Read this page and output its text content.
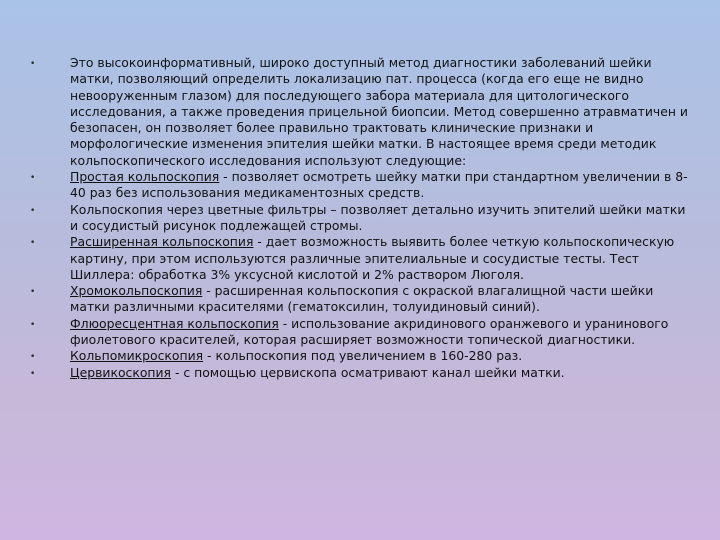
•	Это высокоинформативный, широко доступный метод диагностики заболеваний шейки матки, позволяющий определить локализацию пат. процесса (когда его еще не видно невооруженным глазом) для последующего забора материала для цитологического исследования, а также проведения прицельной биопсии. Метод совершенно атравматичен и безопасен, он позволяет более правильно трактовать клинические признаки и морфологические изменения эпителия шейки матки. В настоящее время среди методик кольпоскопического исследования используют следующие:
•	Простая кольпоскопия - позволяет осмотреть шейку матки при стандартном увеличении в 8-40 раз без использования медикаментозных средств.
•	Кольпоскопия через цветные фильтры – позволяет детально изучить эпителий шейки матки и сосудистый рисунок подлежащей стромы.
•	Расширенная кольпоскопия - дает возможность выявить более четкую кольпоскопическую картину, при этом используются различные эпителиальные и сосудистые тесты. Тест Шиллера: обработка 3% уксусной кислотой и 2% раствором Люголя.
•	Хромокольпоскопия - расширенная кольпоскопия с окраской влагалищной части шейки матки различными красителями (гематоксилин, толуидиновый синий).
•	Флюоресцентная кольпоскопия - использование акридинового оранжевого и уранинового фиолетового красителей, которая расширяет возможности топической диагностики.
•	Кольпомикроскопия - кольпоскопия под увеличением в 160-280 раз.
•	Цервикоскопия - с помощью цервископа осматривают канал шейки матки.
